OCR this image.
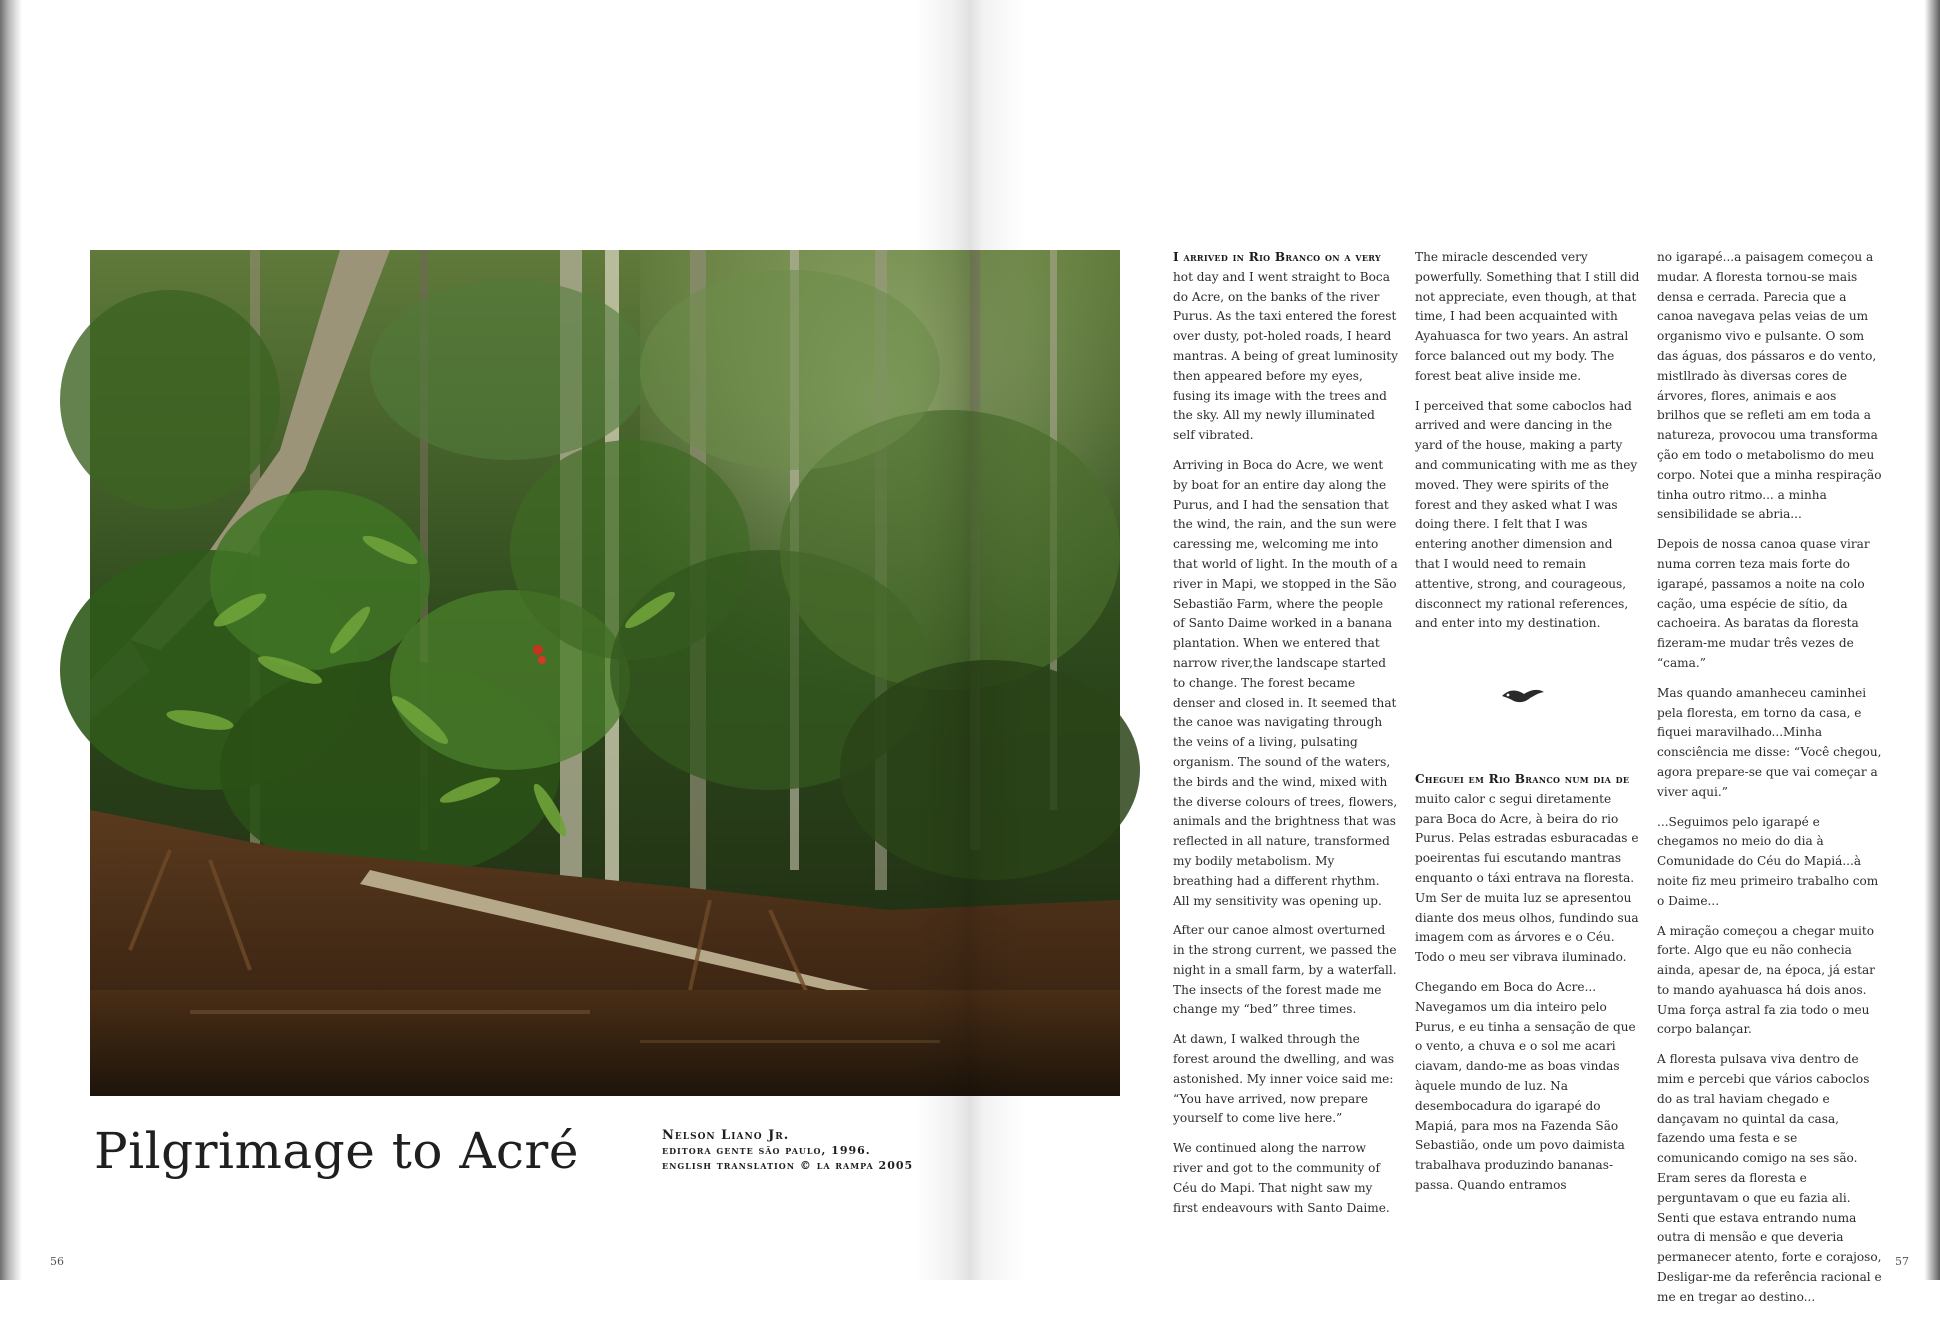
Pilgrimage to Acré	Nelson Liano Jr.
editora gente são paulo, 1996.
english translation © la rampa 2005

I arrived in Rio Branco on a very hot day and I went straight to Boca do Acre, on the banks of the river Purus. As the taxi entered the forest over dusty, pot-holed roads, I heard mantras. A being of great luminosity then appeared before my eyes, fusing its image with the trees and the sky. All my newly illuminated self vibrated.

Arriving in Boca do Acre, we went by boat for an entire day along the Purus, and I had the sensation that the wind, the rain, and the sun were caressing me, welcoming me into that world of light. In the mouth of a river in Mapi, we stopped in the São Sebastião Farm, where the people of Santo Daime worked in a banana plantation. When we entered that narrow river,the landscape started to change. The forest became denser and closed in. It seemed that the canoe was navigating through the veins of a living, pulsating organism. The sound of the waters, the birds and the wind, mixed with the diverse colours of trees, flowers, animals and the brightness that was reflected in all nature, transformed my bodily metabolism. My breathing had a different rhythm. All my sensitivity was opening up.

After our canoe almost overturned in the strong current, we passed the night in a small farm, by a waterfall. The insects of the forest made me change my “bed” three times.

At dawn, I walked through the forest around the dwelling, and was astonished. My inner voice said me: “You have arrived, now prepare yourself to come live here.”

We continued along the narrow river and got to the community of Céu do Mapi. That night saw my first endeavours with Santo Daime.

The miracle descended very powerfully. Something that I still did not appreciate, even though, at that time, I had been acquainted with Ayahuasca for two years. An astral force balanced out my body. The forest beat alive inside me.

I perceived that some caboclos had arrived and were dancing in the yard of the house, making a party and communicating with me as they moved. They were spirits of the forest and they asked what I was doing there. I felt that I was entering another dimension and that I would need to remain attentive, strong, and courageous, disconnect my rational references, and enter into my destination.

Cheguei em Rio Branco num dia de muito calor c segui diretamente para Boca do Acre, à beira do rio Purus. Pelas estradas esburacadas e poeirentas fui escutando mantras enquanto o táxi entrava na floresta. Um Ser de muita luz se apresentou diante dos meus olhos, fundindo sua imagem com as árvores e o Céu. Todo o meu ser vibrava iluminado.

Chegando em Boca do Acre... Navegamos um dia inteiro pelo Purus, e eu tinha a sensação de que o vento, a chuva e o sol me acari ciavam, dando-me as boas vindas àquele mundo de luz. Na desembocadura do igarapé do Mapiá, para mos na Fazenda São Sebastião, onde um povo daimista trabalhava produzindo bananas-passa. Quando entramos

no igarapé...a paisagem começou a mudar. A floresta tornou-se mais densa e cerrada. Parecia que a canoa navegava pelas veias de um organismo vivo e pulsante. O som das águas, dos pássaros e do vento, mistllrado às diversas cores de árvores, flores, animais e aos brilhos que se refleti am em toda a natureza, provocou uma transforma ção em todo o metabolismo do meu corpo. Notei que a minha respiração tinha outro ritmo... a minha sensibilidade se abria...

Depois de nossa canoa quase virar numa corren teza mais forte do igarapé, passamos a noite na colo cação, uma espécie de sítio, da cachoeira. As baratas da floresta fizeram-me mudar três vezes de “cama.”

Mas quando amanheceu caminhei pela floresta, em torno da casa, e fiquei maravilhado...Minha consciência me disse: “Você chegou, agora prepare-se que vai começar a viver aqui.”

...Seguimos pelo igarapé e chegamos no meio do dia à Comunidade do Céu do Mapiá...à noite fiz meu primeiro trabalho com o Daime...

A miração começou a chegar muito forte. Algo que eu não conhecia ainda, apesar de, na época, já estar to mando ayahuasca há dois anos. Uma força astral fa zia todo o meu corpo balançar.

A floresta pulsava viva dentro de mim e percebi que vários caboclos do as tral haviam chegado e dançavam no quintal da casa, fazendo uma festa e se comunicando comigo na ses são. Eram seres da floresta e perguntavam o que eu fazia ali. Senti que estava entrando numa outra di mensão e que deveria permanecer atento, forte e corajoso, Desligar-me da referência racional e me en tregar ao destino...

56	57
